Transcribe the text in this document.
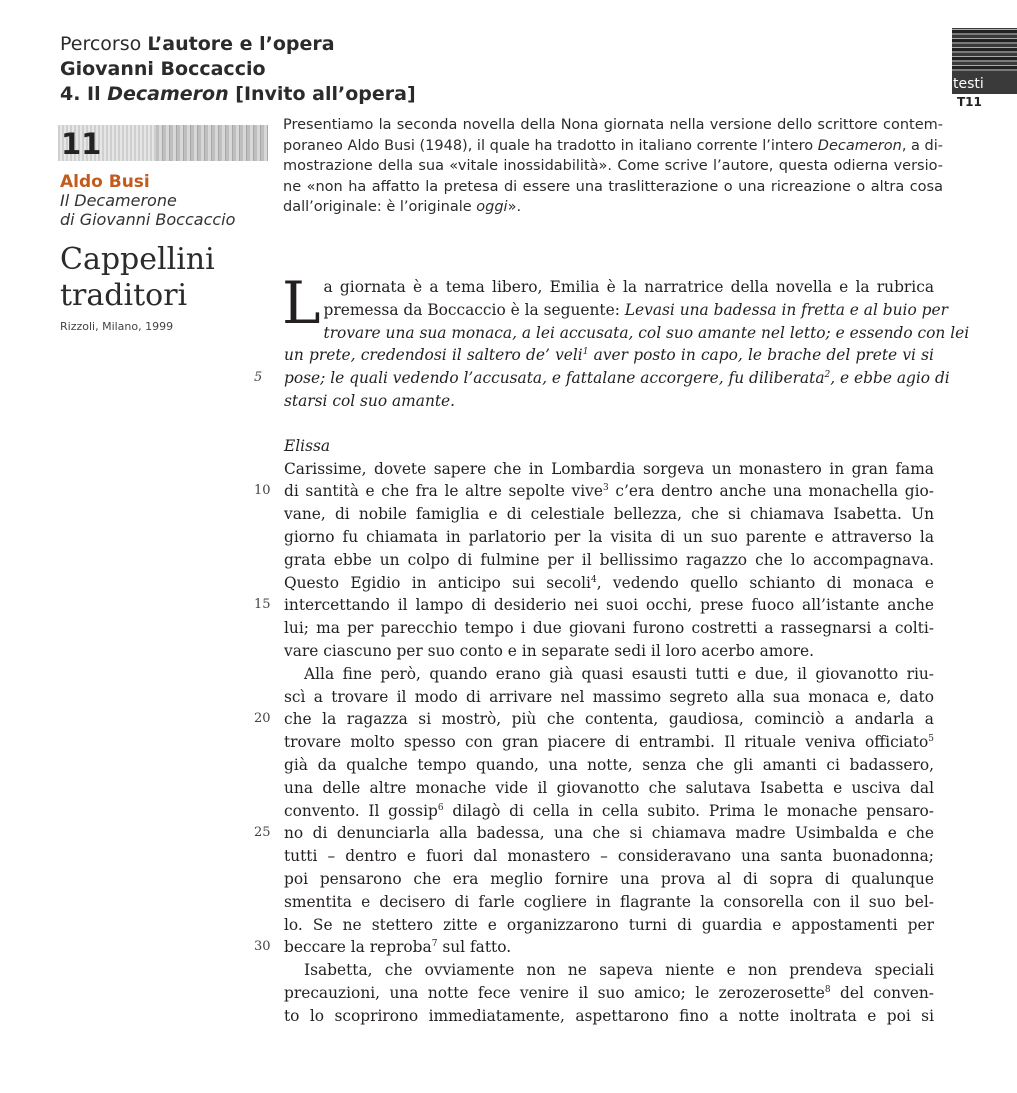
Percorso L’autore e l’opera
Giovanni Boccaccio
4. Il Decameron [Invito all’opera]	testi
T11
11
Aldo Busi
Il Decamerone
di Giovanni Boccaccio
Presentiamo la seconda novella della Nona giornata nella versione dello scrittore contem-
poraneo Aldo Busi (1948), il quale ha tradotto in italiano corrente l’intero Decameron, a di-
mostrazione della sua «vitale inossidabilità». Come scrive l’autore, questa odierna versio-
ne «non ha affatto la pretesa di essere una traslitterazione o una ricreazione o altra cosa
dall’originale: è l’originale oggi».
Cappellini
traditori
Rizzoli, Milano, 1999 L a giornata è a tema libero, Emilia è la narratrice della novella e la rubrica
premessa da Boccaccio è la seguente: Levasi una badessa in fretta e al buio per
trovare una sua monaca, a lei accusata, col suo amante nel letto; e essendo con lei
un prete, credendosi il saltero de’ veli$^1$ aver posto in capo, le brache del prete vi si
5 pose; le quali vedendo l’accusata, e fattalane accorgere, fu diliberata$^2$, e ebbe agio di
starsi col suo amante.
Elissa
Carissime, dovete sapere che in Lombardia sorgeva un monastero in gran fama
10 di santità e che fra le altre sepolte vive$^3$ c’era dentro anche una monachella gio-
vane, di nobile famiglia e di celestiale bellezza, che si chiamava Isabetta. Un
giorno fu chiamata in parlatorio per la visita di un suo parente e attraverso la
grata ebbe un colpo di fulmine per il bellissimo ragazzo che lo accompagnava.
Questo Egidio in anticipo sui secoli$^4$, vedendo quello schianto di monaca e
15 intercettando il lampo di desiderio nei suoi occhi, prese fuoco all’istante anche
lui; ma per parecchio tempo i due giovani furono costretti a rassegnarsi a colti-
vare ciascuno per suo conto e in separate sedi il loro acerbo amore.
Alla fine però, quando erano già quasi esausti tutti e due, il giovanotto riu-
scì a trovare il modo di arrivare nel massimo segreto alla sua monaca e, dato
20 che la ragazza si mostrò, più che contenta, gaudiosa, cominciò a andarla a
trovare molto spesso con gran piacere di entrambi. Il rituale veniva officiato$^5$
già da qualche tempo quando, una notte, senza che gli amanti ci badassero,
una delle altre monache vide il giovanotto che salutava Isabetta e usciva dal
convento. Il gossip$^6$ dilagò di cella in cella subito. Prima le monache pensaro-
25 no di denunciarla alla badessa, una che si chiamava madre Usimbalda e che
tutti – dentro e fuori dal monastero – consideravano una santa buonadonna;
poi pensarono che era meglio fornire una prova al di sopra di qualunque
smentita e decisero di farle cogliere in flagrante la consorella con il suo bel-
lo. Se ne stettero zitte e organizzarono turni di guardia e appostamenti per
30 beccare la reproba$^7$ sul fatto.
Isabetta, che ovviamente non ne sapeva niente e non prendeva speciali
precauzioni, una notte fece venire il suo amico; le zerozerosette$^8$ del conven-
to lo scoprirono immediatamente, aspettarono fino a notte inoltrata e poi si
